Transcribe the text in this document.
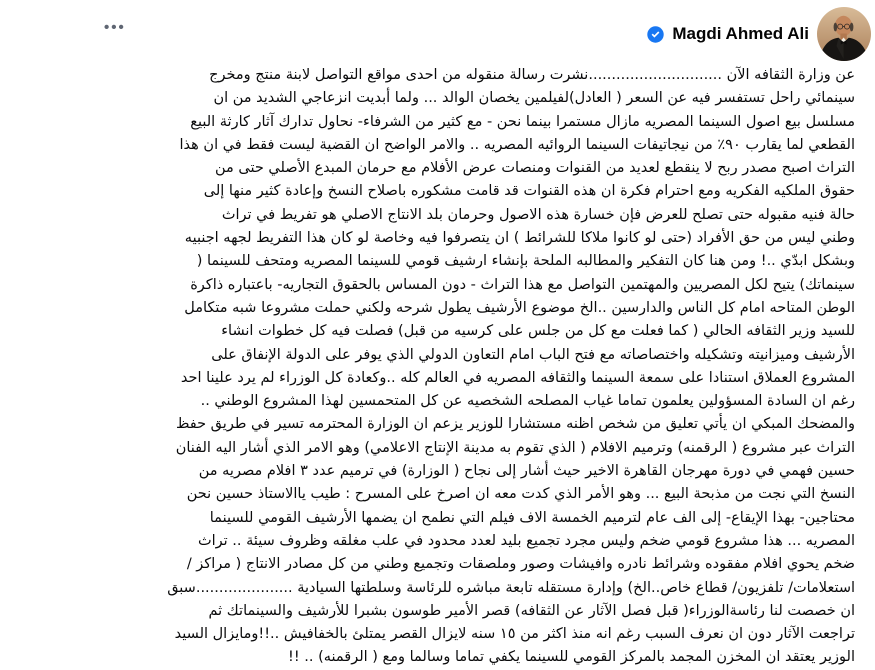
•••	Magdi Ahmed Ali
عن وزارة الثقافه الآن .............................نشرت رسالة منقوله من احدى مواقع التواصل لابنة منتج ومخرج
سينمائي راحل تستفسر فيه عن السعر ( العادل)لفيلمين يخصان الوالد ... ولما أبديت انزعاجي الشديد من ان
مسلسل بيع اصول السينما المصريه مازال مستمرا بينما نحن - مع كثير من الشرفاء- نحاول تدارك آثار كارثة البيع
القطعي لما يقارب ٩٠٪ من نيجاتيفات السينما الروائيه المصريه .. والامر الواضح ان القضية ليست فقط في ان هذا
التراث اصبح مصدر ربح لا ينقطع لعديد من القنوات ومنصات عرض الأفلام مع حرمان المبدع الأصلي حتى من
حقوق الملكيه الفكريه ومع احترام فكرة ان هذه القنوات قد قامت مشكوره باصلاح النسخ وإعادة كثير منها إلى
حالة فنيه مقبوله حتى تصلح للعرض فإن خسارة هذه الاصول وحرمان بلد الانتاج الاصلي هو تفريط في تراث
وطني ليس من حق الأفراد (حتى لو كانوا ملاكا للشرائط ) ان يتصرفوا فيه وخاصة لو كان هذا التفريط لجهه اجنبيه
وبشكل ابدّي ..! ومن هنا كان التفكير والمطالبه الملحة بإنشاء ارشيف قومي للسينما المصريه ومتحف للسينما (
سينماتك) يتيح لكل المصريين والمهتمين التواصل مع هذا التراث - دون المساس بالحقوق التجاريه- باعتباره ذاكرة
الوطن المتاحه امام كل الناس والدارسين ..الخ موضوع الأرشيف يطول شرحه ولكني حملت مشروعا شبه متكامل
للسيد وزير الثقافه الحالي ( كما فعلت مع كل من جلس على كرسيه من قبل) فصلت فيه كل خطوات انشاء
الأرشيف وميزانيته وتشكيله واختصاصاته مع فتح الباب امام التعاون الدولي الذي يوفر على الدولة الإنفاق على
المشروع العملاق استنادا على سمعة السينما والثقافه المصريه في العالم كله ..وكعادة كل الوزراء لم يرد علينا احد
رغم ان السادة المسؤولين يعلمون تماما غياب المصلحه الشخصيه عن كل المتحمسين لهذا المشروع الوطني ..
والمضحك المبكي ان يأتي تعليق من شخص اظنه مستشارا للوزير يزعم ان الوزارة المحترمه تسير في طريق حفظ
التراث عبر مشروع ( الرقمنه) وترميم الافلام ( الذي تقوم به مدينة الإنتاج الاعلامي) وهو الامر الذي أشار اليه الفنان
حسين فهمي في دورة مهرجان القاهرة الاخير حيث أشار إلى نجاح ( الوزارة) في ترميم عدد ٣ افلام مصريه من
النسخ التي نجت من مذبحة البيع ... وهو الأمر الذي كدت معه ان اصرخ على المسرح : طيب ياالاستاذ حسين نحن
محتاجين- بهذا الإيقاع- إلى الف عام لترميم الخمسة الاف فيلم التي نطمح ان يضمها الأرشيف القومي للسينما
المصريه ... هذا مشروع قومي ضخم وليس مجرد تجميع بليد لعدد محدود في علب مغلقه وظروف سيئة .. تراث
ضخم يحوي افلام مفقوده وشرائط نادره وافيشات وصور وملصقات وتجميع وطني من كل مصادر الانتاج ( مراكز /
استعلامات/ تلفزيون/ قطاع خاص..الخ) وإدارة مستقله تابعة مباشره للرئاسة وسلطتها السيادية .....................سبق
ان خصصت لنا رئاسةالوزراء( قبل فصل الآثار عن الثقافه) قصر الأمير طوسون بشبرا للأرشيف والسينماتك ثم
تراجعت الآثار دون ان نعرف السبب رغم انه منذ اكثر من ١٥ سنه لايزال القصر يمتلئ بالخفافيش ..!!ومايزال السيد
الوزير يعتقد ان المخزن المجمد بالمركز القومي للسينما يكفي تماما وسالما ومع ( الرقمنه) .. !!
